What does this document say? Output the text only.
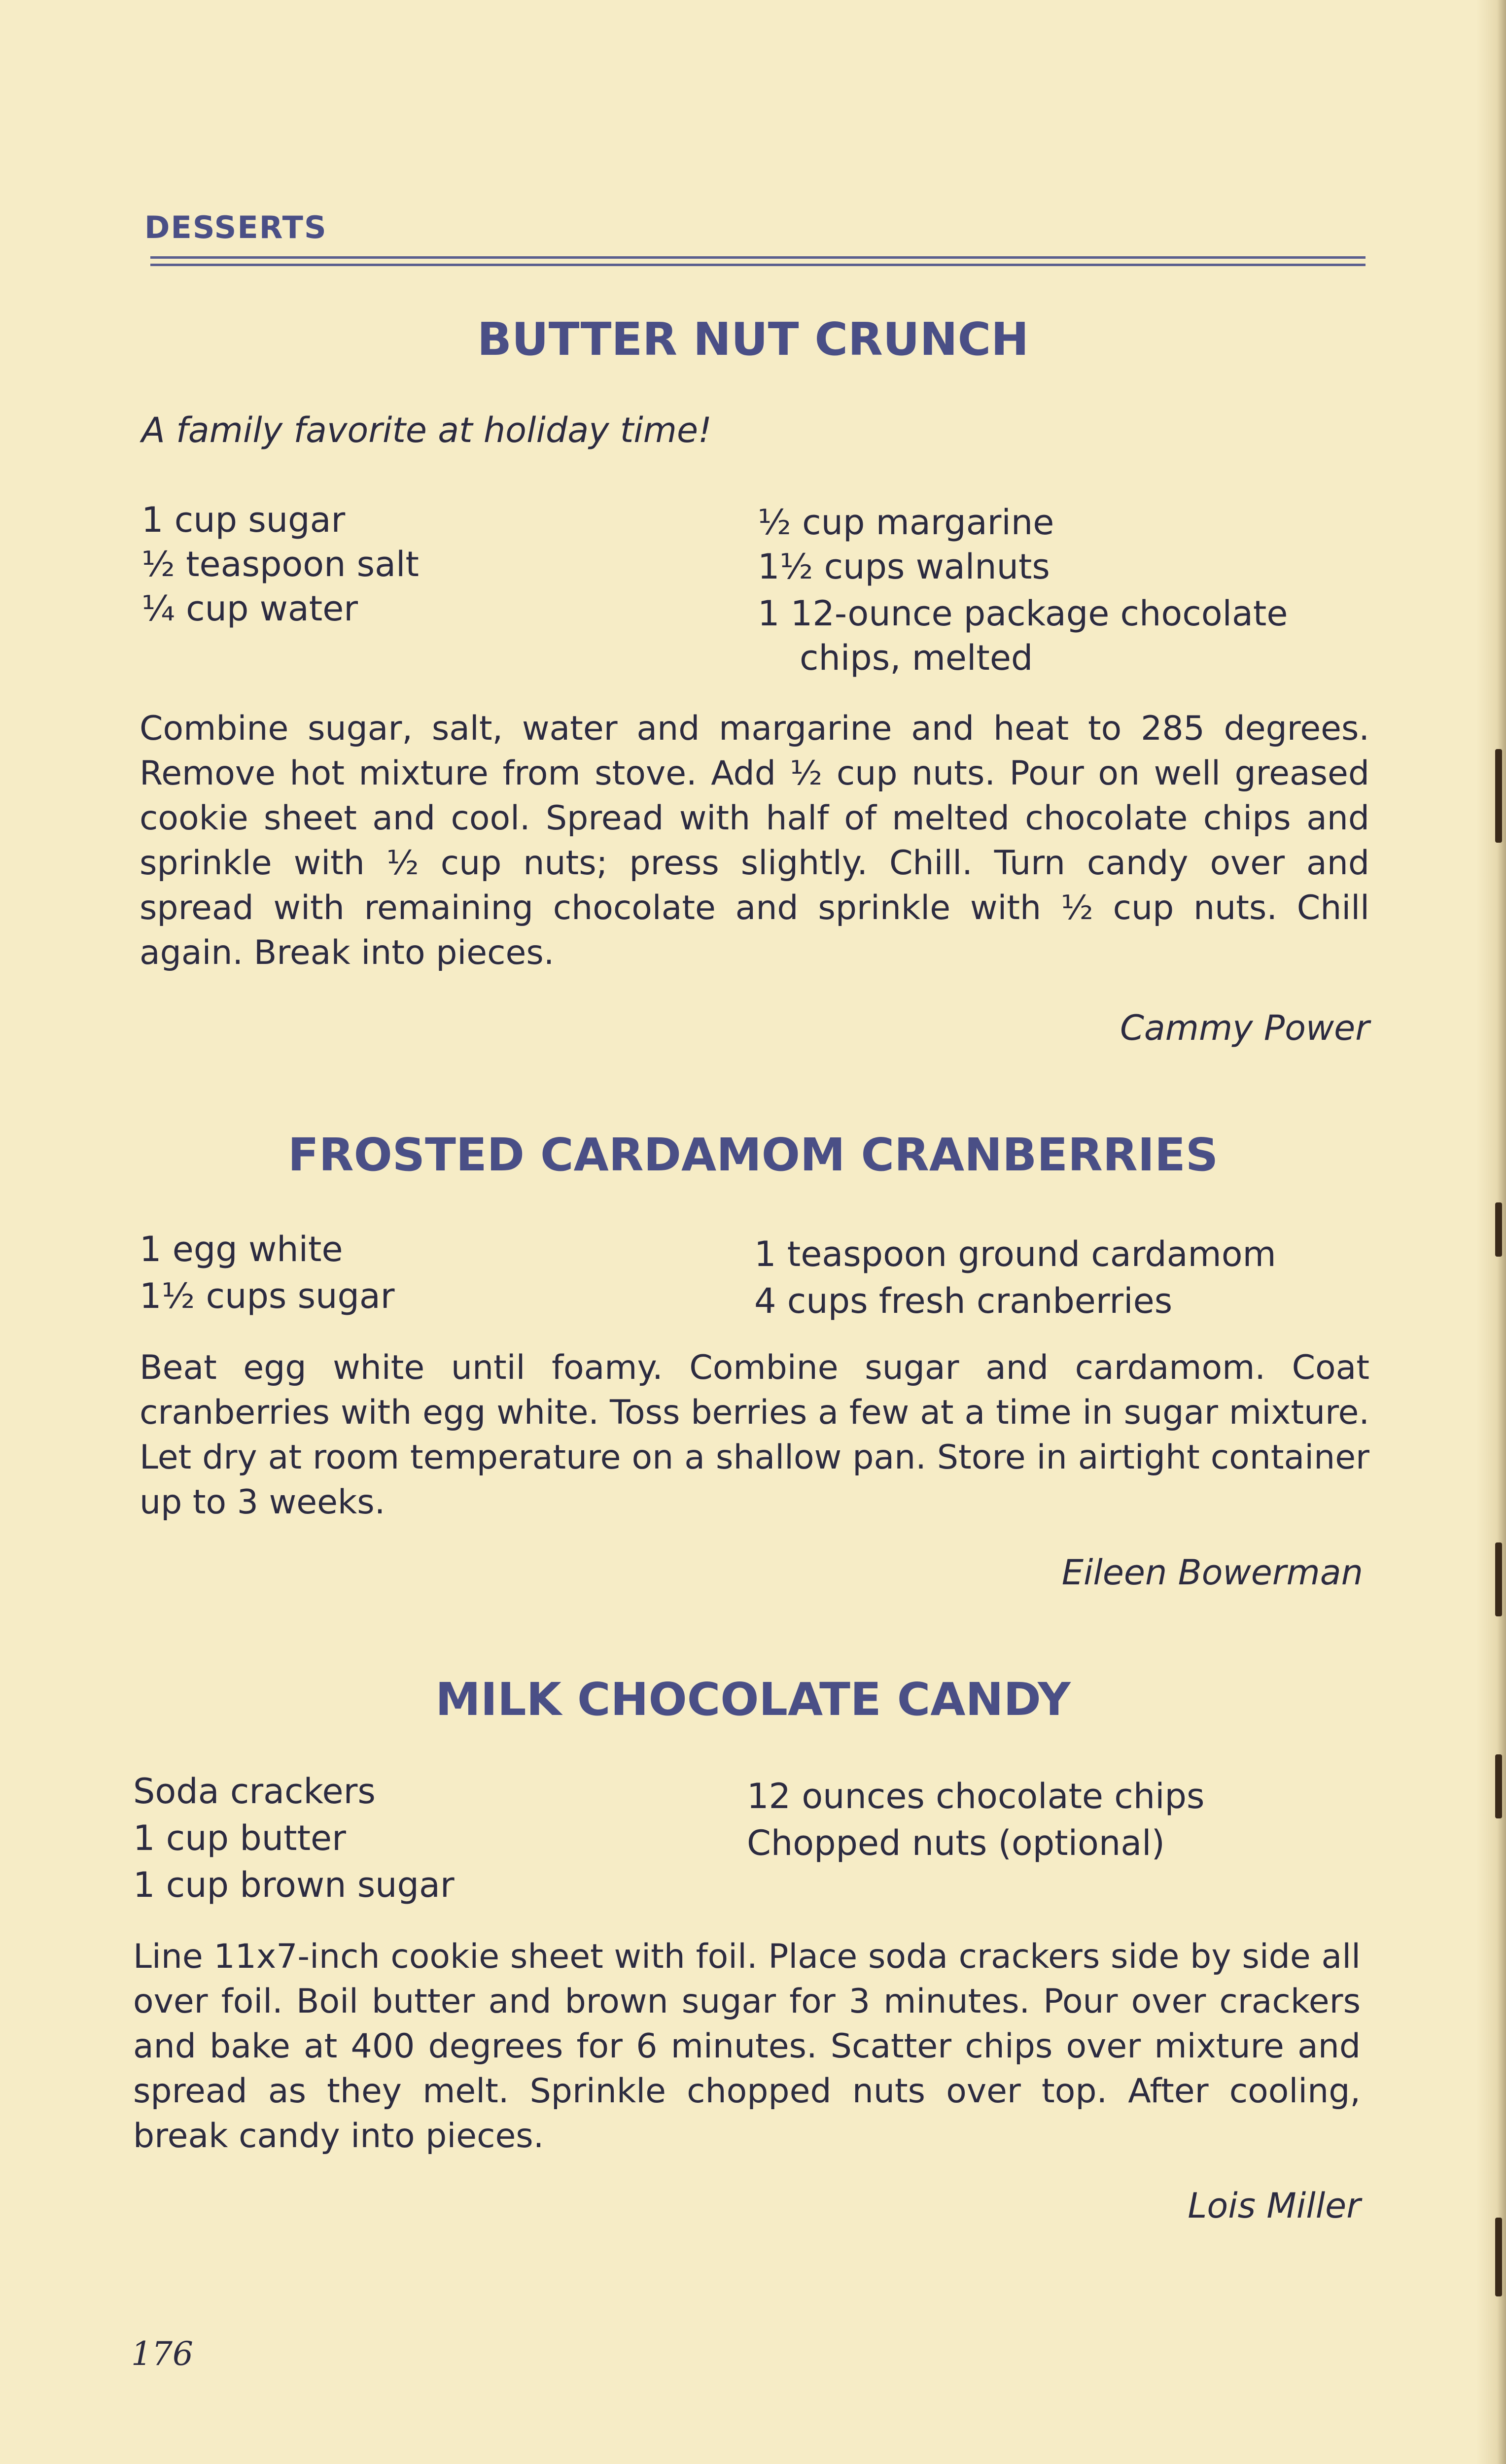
DESSERTS
BUTTER NUT CRUNCH
A family favorite at holiday time!
1 cup sugar
½ teaspoon salt
¼ cup water
½ cup margarine
1½ cups walnuts
1 12-ounce package chocolate
chips, melted
Combine sugar, salt, water and margarine and heat to 285 degrees. Remove hot mixture from stove. Add ½ cup nuts. Pour on well greased cookie sheet and cool. Spread with half of melted chocolate chips and sprinkle with ½ cup nuts; press slightly. Chill. Turn candy over and spread with remaining chocolate and sprinkle with ½ cup nuts. Chill again. Break into pieces.
Cammy Power
FROSTED CARDAMOM CRANBERRIES
1 egg white
1½ cups sugar
1 teaspoon ground cardamom
4 cups fresh cranberries
Beat egg white until foamy. Combine sugar and cardamom. Coat cranberries with egg white. Toss berries a few at a time in sugar mixture. Let dry at room temperature on a shallow pan. Store in airtight container up to 3 weeks.
Eileen Bowerman
MILK CHOCOLATE CANDY
Soda crackers
1 cup butter
1 cup brown sugar
12 ounces chocolate chips
Chopped nuts (optional)
Line 11x7-inch cookie sheet with foil. Place soda crackers side by side all over foil. Boil butter and brown sugar for 3 minutes. Pour over crackers and bake at 400 degrees for 6 minutes. Scatter chips over mixture and spread as they melt. Sprinkle chopped nuts over top. After cooling, break candy into pieces.
Lois Miller
176
